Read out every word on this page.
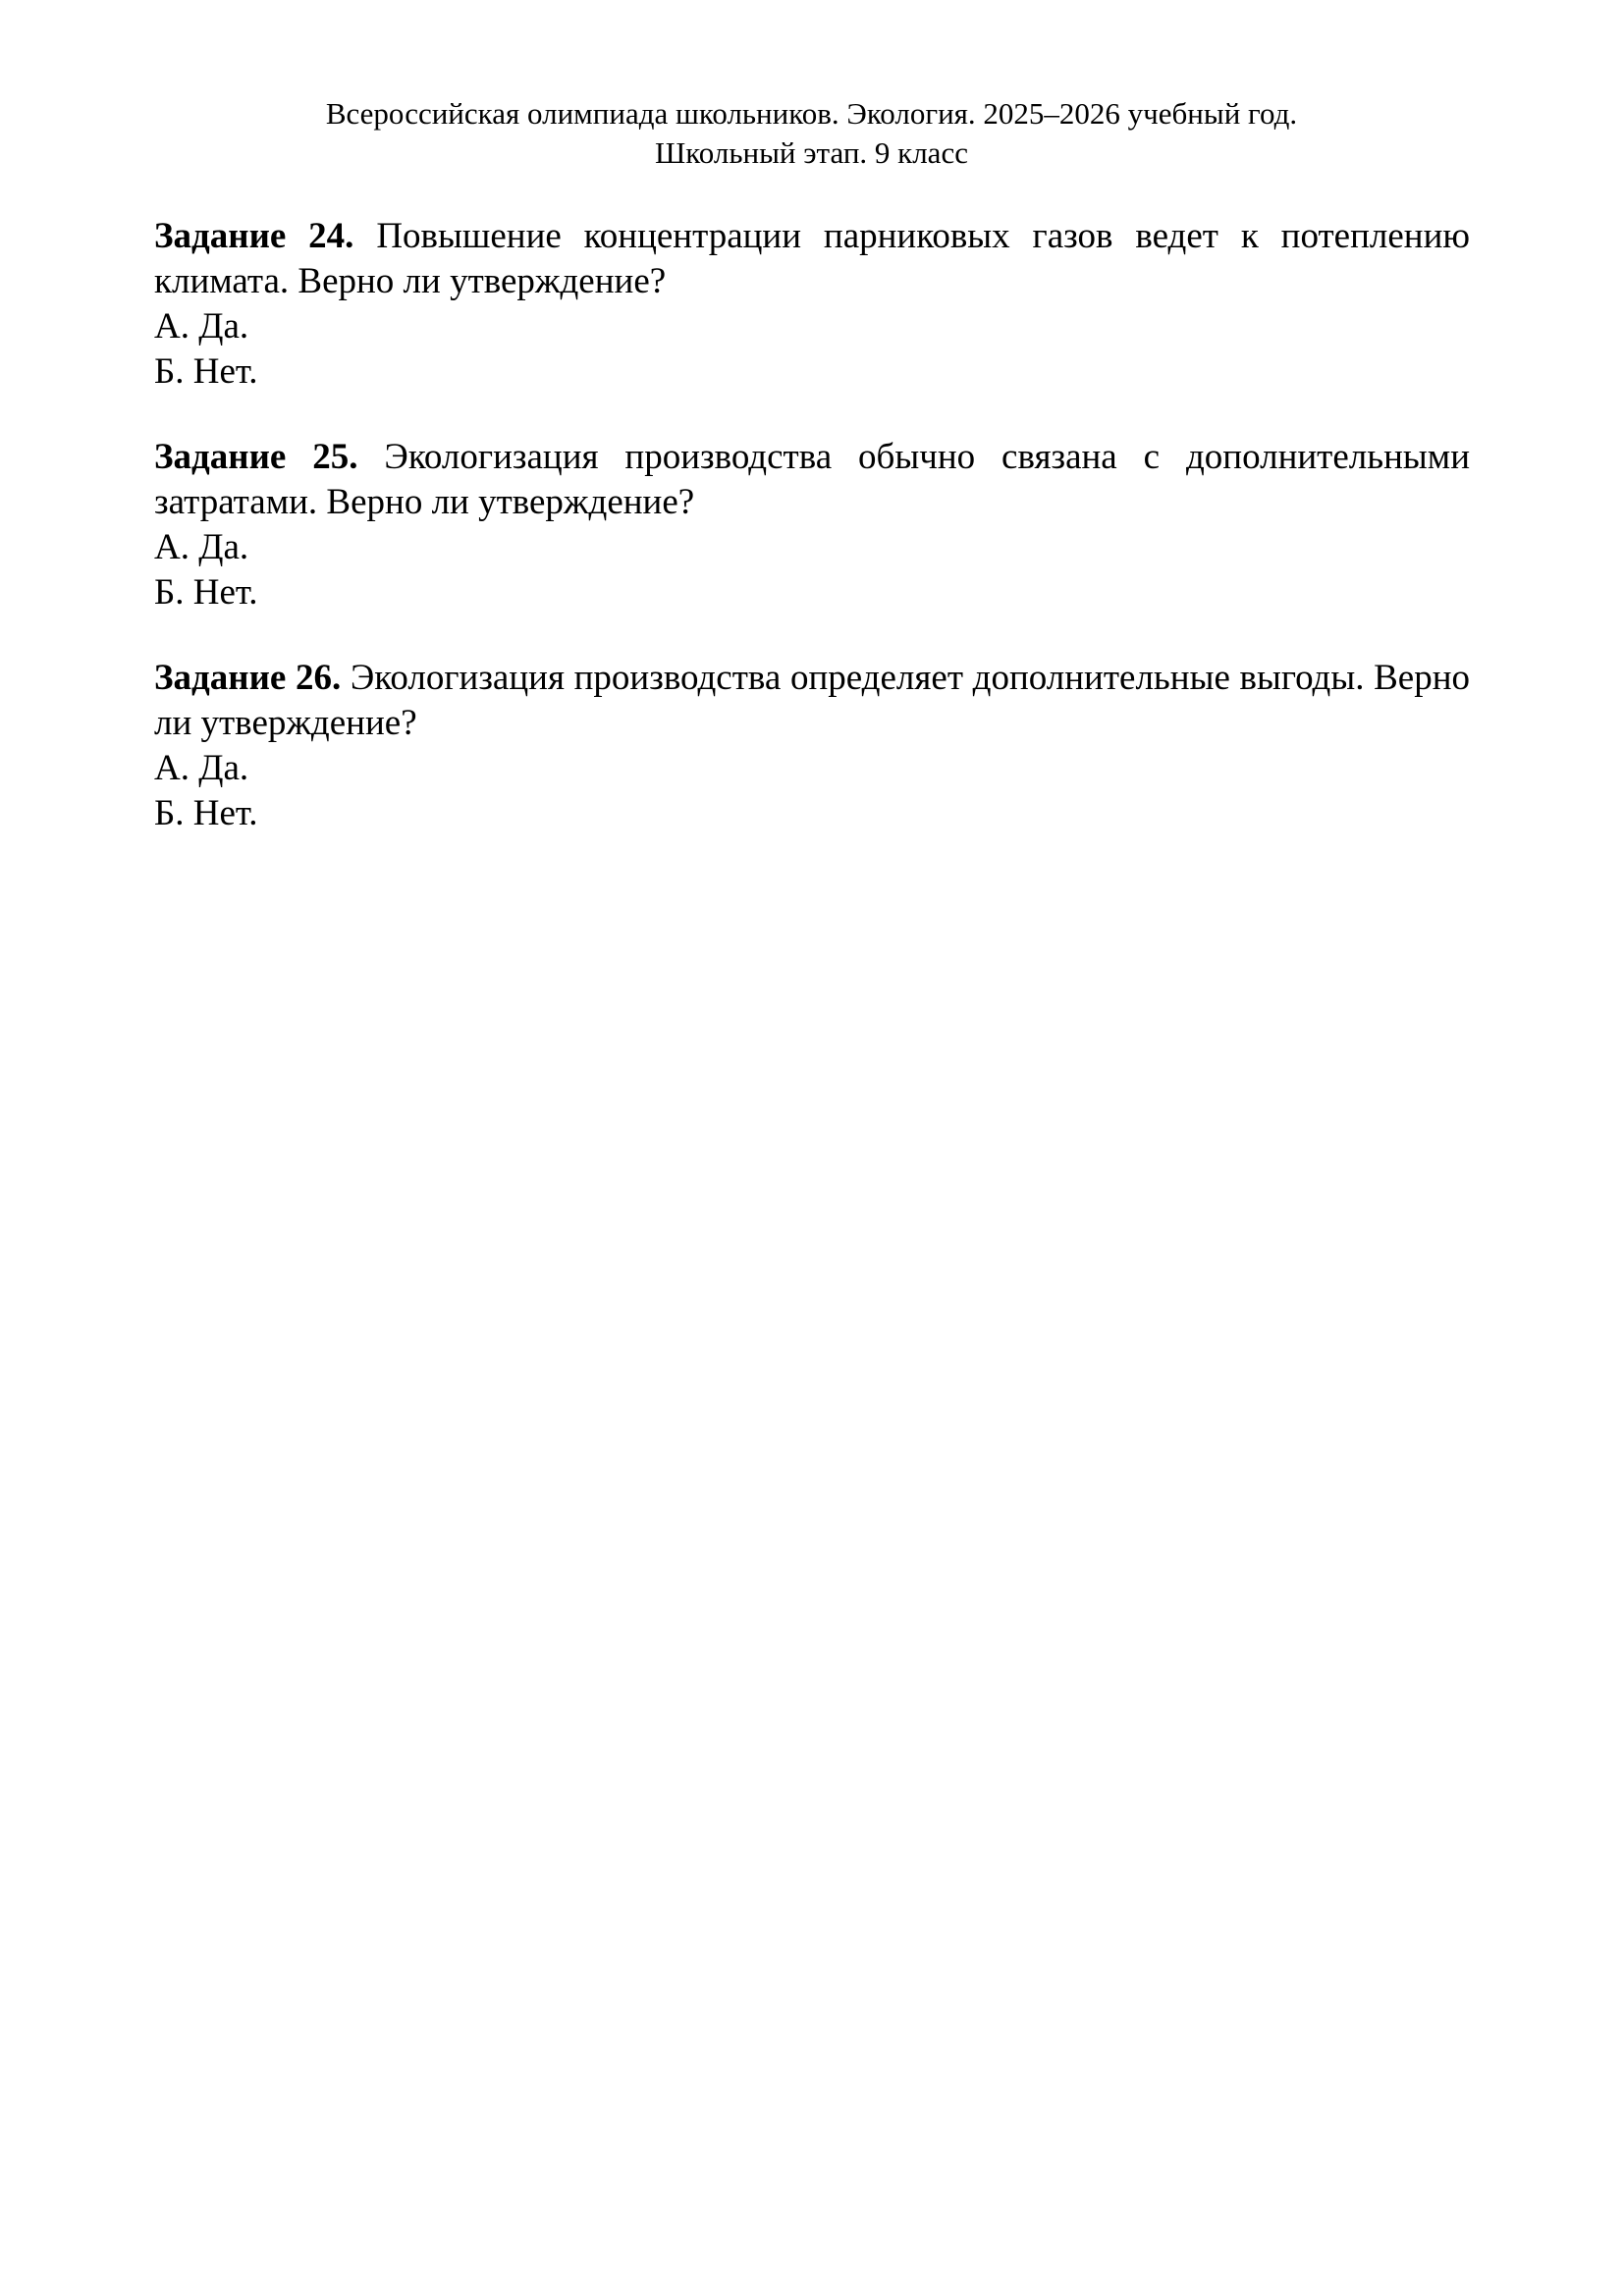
Всероссийская олимпиада школьников. Экология. 2025–2026 учебный год.
Школьный этап. 9 класс

Задание 24. Повышение концентрации парниковых газов ведет к потеплению климата. Верно ли утверждение?

А. Да.
Б. Нет.

Задание 25. Экологизация производства обычно связана с дополнительными затратами. Верно ли утверждение?

А. Да.
Б. Нет.

Задание 26. Экологизация производства определяет дополнительные выгоды. Верно ли утверждение?

А. Да.
Б. Нет.
